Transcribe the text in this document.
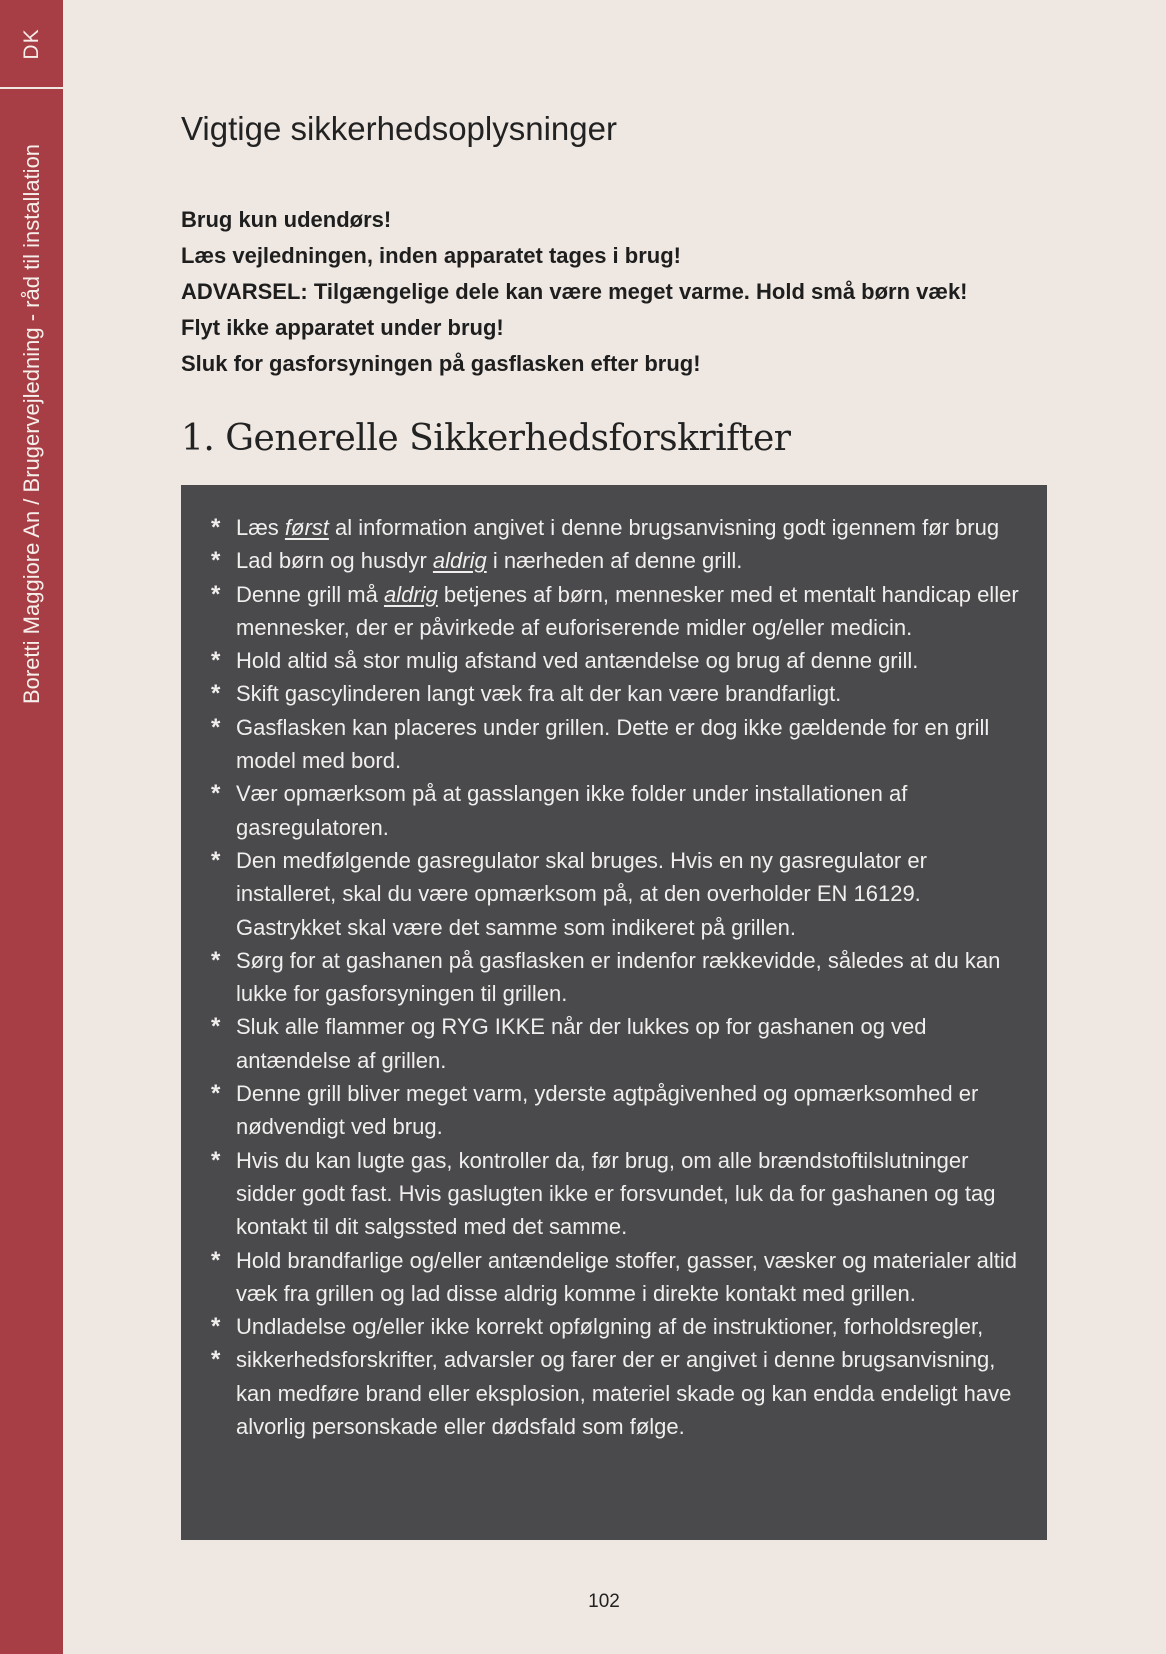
DK
Boretti Maggiore An / Brugervejledning - råd til installation
Vigtige sikkerhedsoplysninger
Brug kun udendørs!
Læs vejledningen, inden apparatet tages i brug!
ADVARSEL: Tilgængelige dele kan være meget varme. Hold små børn væk!
Flyt ikke apparatet under brug!
Sluk for gasforsyningen på gasflasken efter brug!
1. Generelle Sikkerhedsforskrifter
* Læs først al information angivet i denne brugsanvisning godt igennem før brug
* Lad børn og husdyr aldrig i nærheden af denne grill.
* Denne grill må aldrig betjenes af børn, mennesker med et mentalt handicap eller mennesker, der er påvirkede af euforiserende midler og/eller medicin.
* Hold altid så stor mulig afstand ved antændelse og brug af denne grill.
* Skift gascylinderen langt væk fra alt der kan være brandfarligt.
* Gasflasken kan placeres under grillen. Dette er dog ikke gældende for en grill model med bord.
* Vær opmærksom på at gasslangen ikke folder under installationen af gasregulatoren.
* Den medfølgende gasregulator skal bruges. Hvis en ny gasregulator er installeret, skal du være opmærksom på, at den overholder EN 16129. Gastrykket skal være det samme som indikeret på grillen.
* Sørg for at gashanen på gasflasken er indenfor rækkevidde, således at du kan lukke for gasforsyningen til grillen.
* Sluk alle flammer og RYG IKKE når der lukkes op for gashanen og ved antændelse af grillen.
* Denne grill bliver meget varm, yderste agtpågivenhed og opmærksomhed er nødvendigt ved brug.
* Hvis du kan lugte gas, kontroller da, før brug, om alle brændstoftilslutninger sidder godt fast. Hvis gaslugten ikke er forsvundet, luk da for gashanen og tag kontakt til dit salgssted med det samme.
* Hold brandfarlige og/eller antændelige stoffer, gasser, væsker og materialer altid væk fra grillen og lad disse aldrig komme i direkte kontakt med grillen.
* Undladelse og/eller ikke korrekt opfølgning af de instruktioner, forholdsregler,
* sikkerhedsforskrifter, advarsler og farer der er angivet i denne brugsanvisning, kan medføre brand eller eksplosion, materiel skade og kan endda endeligt have alvorlig personskade eller dødsfald som følge.
102
